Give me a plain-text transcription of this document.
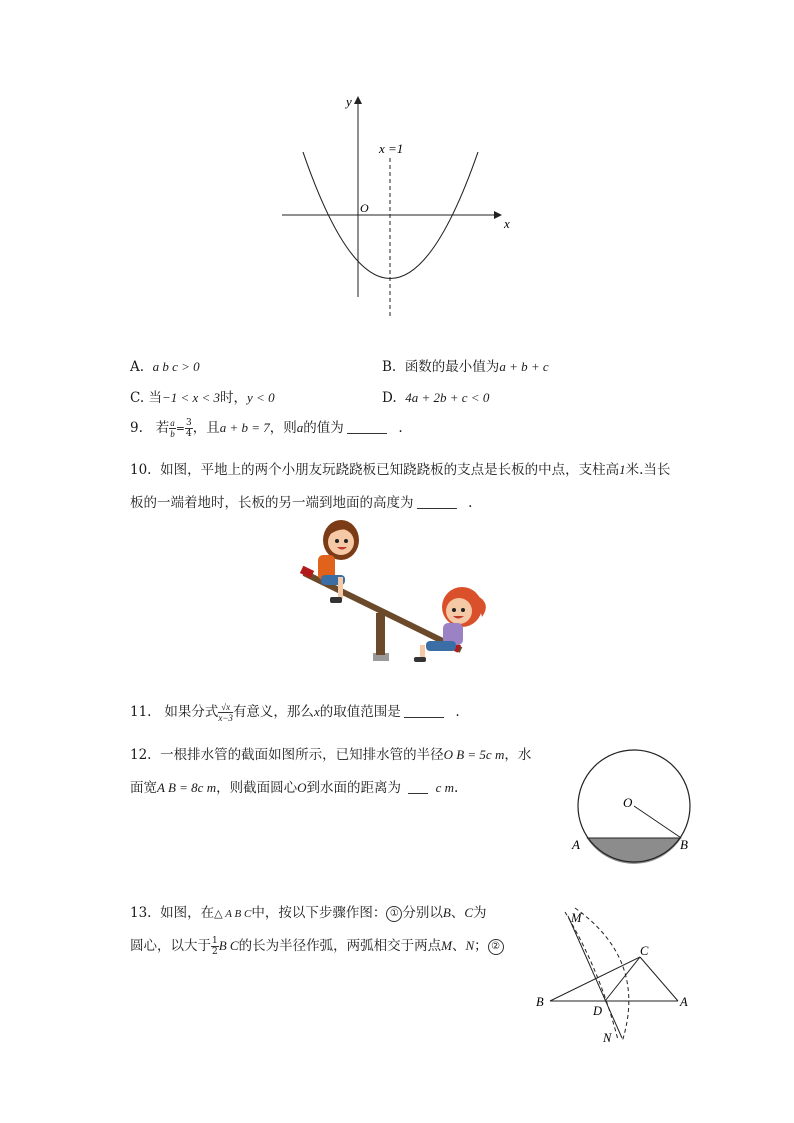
y
x
O
x =1
A. a b c > 0	B. 函数的最小值为a + b + c
C. 当−1 < x < 3时，y < 0	D. 4a + 2b + c < 0
9. 若 $\frac{a}{b} = \frac{3}{4}$ ，且a + b = 7，则a的值为	.
10. 如图，平地上的两个小朋友玩跷跷板已知跷跷板的支点是长板的中点，支柱高1米.当长
板的一端着地时，长板的另一端到地面的高度为	.
11. 如果分式 $\frac{√x}{x-3}$ 有意义，那么x的取值范围是	.
12. 一根排水管的截面如图所示，已知排水管的半径O B = 5c m，水
面宽A B = 8c m，则截面圆心O到水面的距离为	c m.
O
A	B
13. 如图，在△ A B C中，按以下步骤作图： ① 分别以B、C为
圆心，以大于 $\frac{1}{2}$ B C的长为半径作弧，两弧相交于两点M、N； ②
M
C
B
D
A
N
